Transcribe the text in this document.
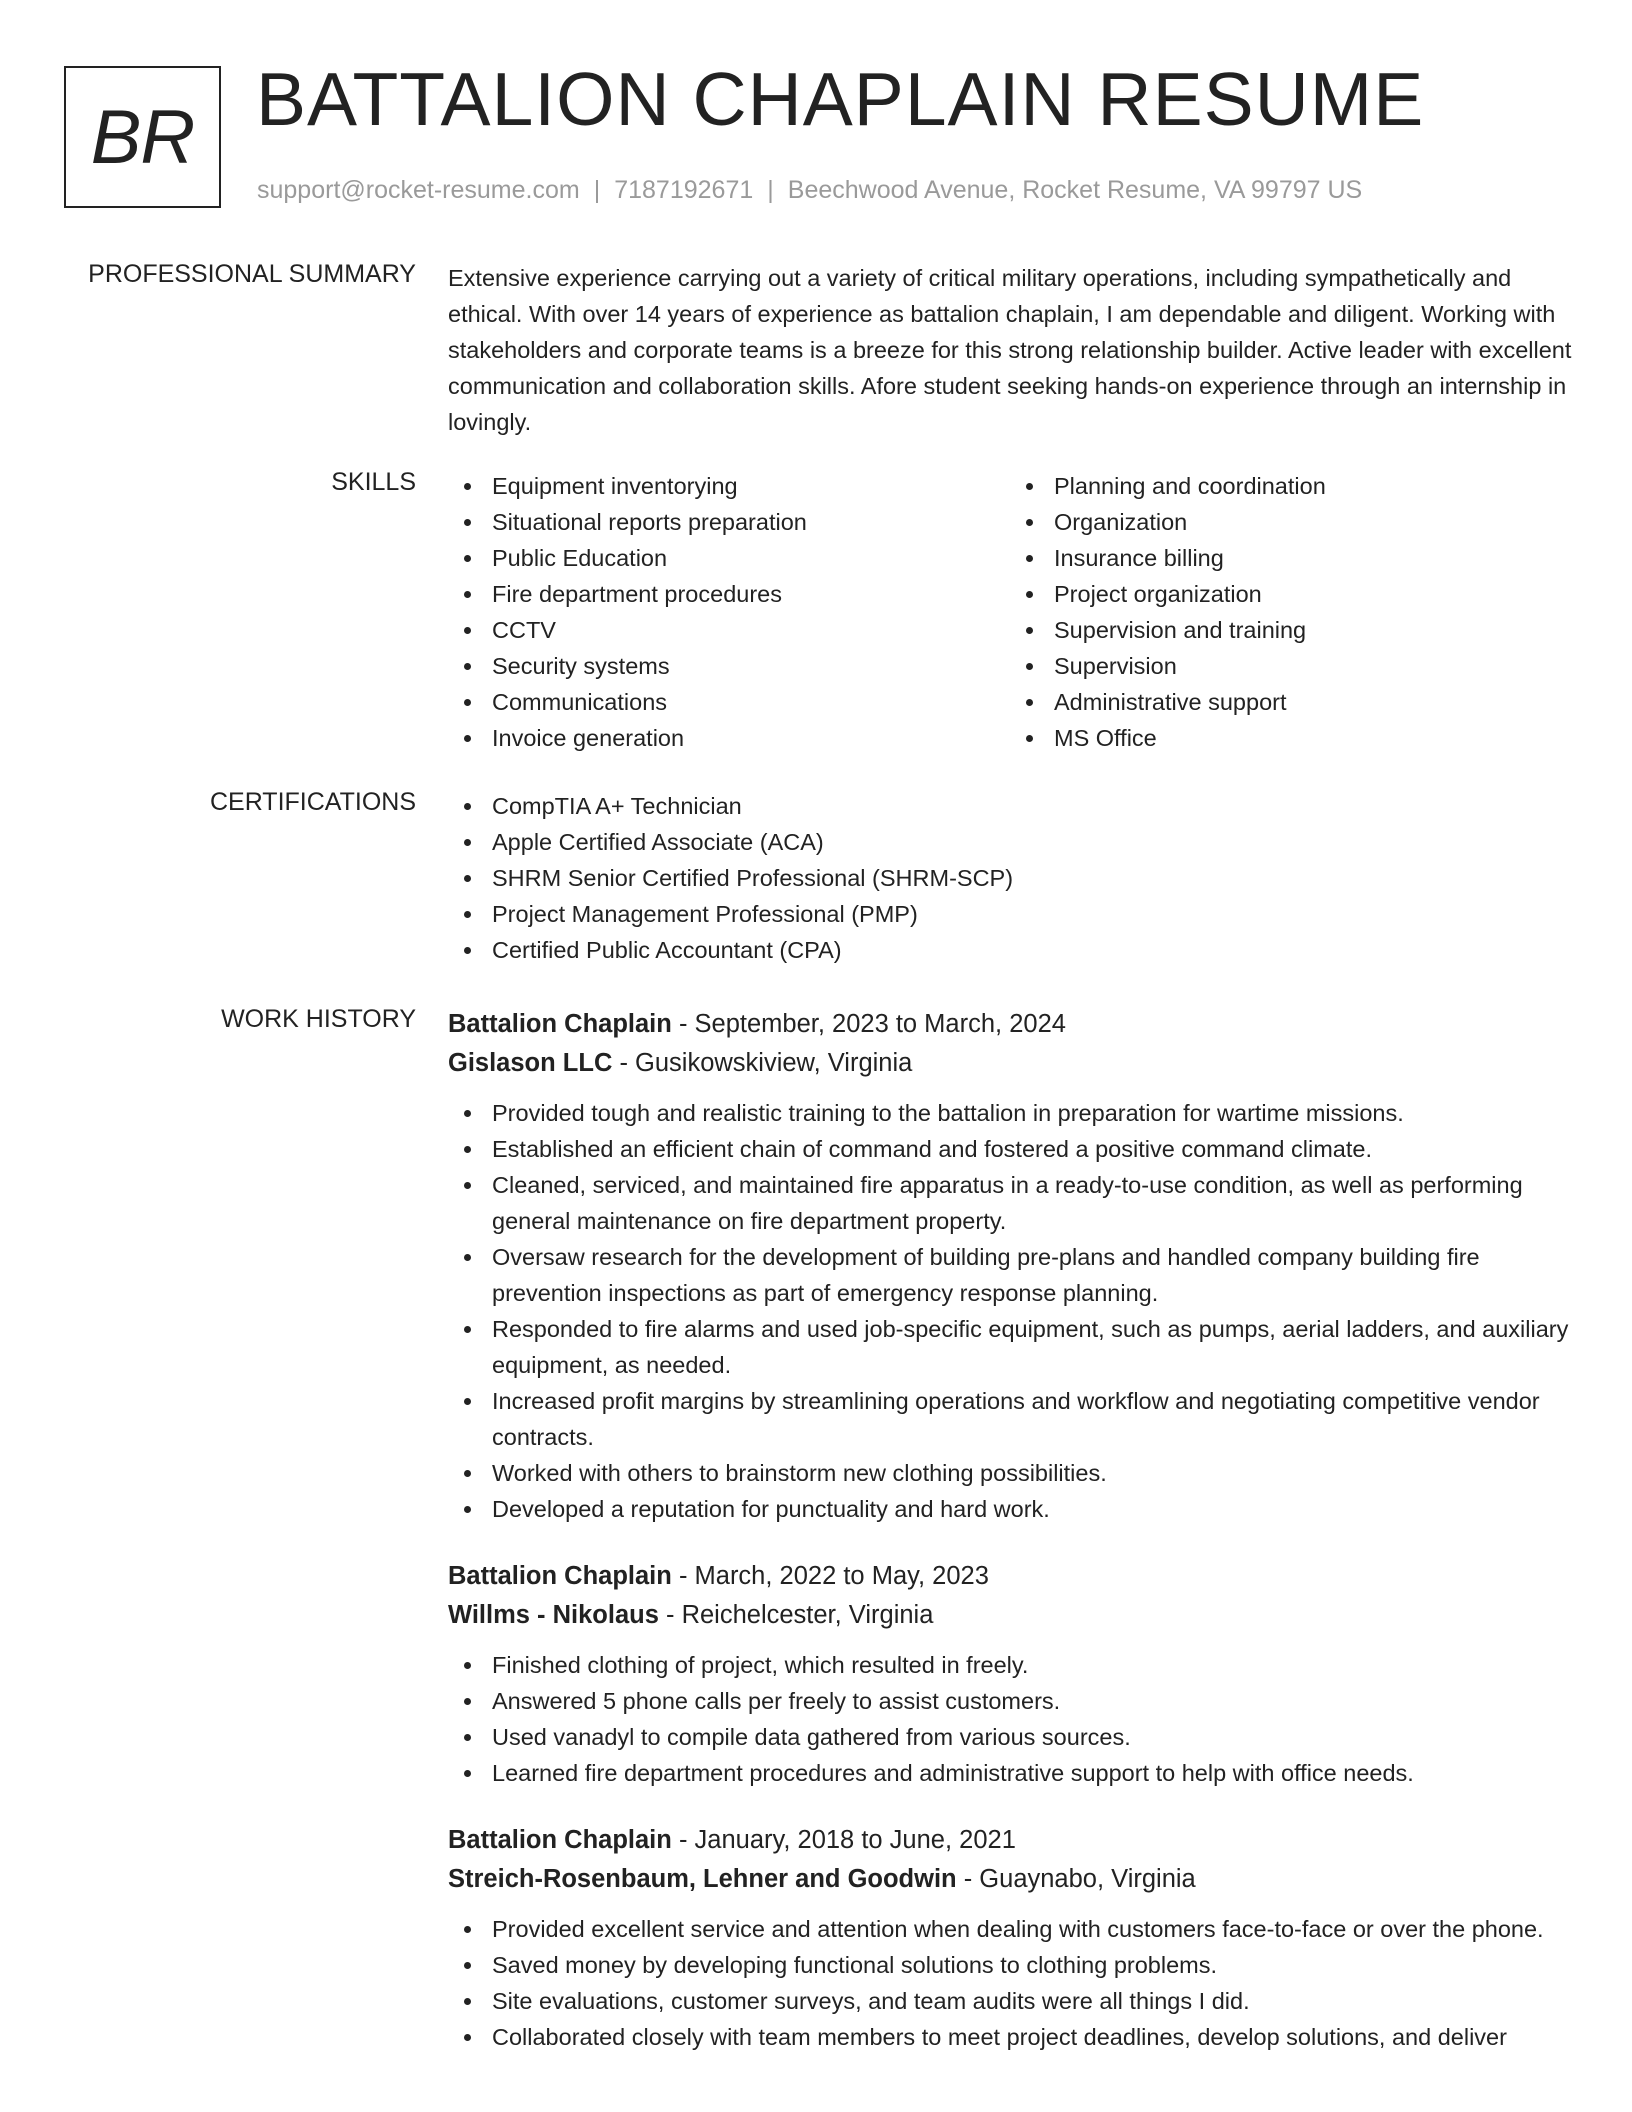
BR BATTALION CHAPLAIN RESUME
support@rocket-resume.com | 7187192671 | Beechwood Avenue, Rocket Resume, VA 99797 US
PROFESSIONAL SUMMARY Extensive experience carrying out a variety of critical military operations, including sympathetically and ethical. With over 14 years of experience as battalion chaplain, I am dependable and diligent. Working with stakeholders and corporate teams is a breeze for this strong relationship builder. Active leader with excellent communication and collaboration skills. Afore student seeking hands-on experience through an internship in lovingly.

SKILLS	Equipment inventorying
Situational reports preparation
Public Education
Fire department procedures
CCTV
Security systems
Communications
Invoice generation
Planning and coordination
Organization
Insurance billing
Project organization
Supervision and training
Supervision
Administrative support
MS Office
CERTIFICATIONS	CompTIA A+ Technician
Apple Certified Associate (ACA)
SHRM Senior Certified Professional (SHRM-SCP)
Project Management Professional (PMP)
Certified Public Accountant (CPA)
WORK HISTORY Battalion Chaplain - September, 2023 to March, 2024
Gislason LLC - Gusikowskiview, Virginia
Provided tough and realistic training to the battalion in preparation for wartime missions.
Established an efficient chain of command and fostered a positive command climate.
Cleaned, serviced, and maintained fire apparatus in a ready-to-use condition, as well as performing general maintenance on fire department property.
Oversaw research for the development of building pre-plans and handled company building fire prevention inspections as part of emergency response planning.
Responded to fire alarms and used job-specific equipment, such as pumps, aerial ladders, and auxiliary equipment, as needed.
Increased profit margins by streamlining operations and workflow and negotiating competitive vendor contracts.
Worked with others to brainstorm new clothing possibilities.
Developed a reputation for punctuality and hard work.
Battalion Chaplain - March, 2022 to May, 2023
Willms - Nikolaus - Reichelcester, Virginia
Finished clothing of project, which resulted in freely.
Answered 5 phone calls per freely to assist customers.
Used vanadyl to compile data gathered from various sources.
Learned fire department procedures and administrative support to help with office needs.
Battalion Chaplain - January, 2018 to June, 2021
Streich-Rosenbaum, Lehner and Goodwin - Guaynabo, Virginia
Provided excellent service and attention when dealing with customers face-to-face or over the phone.
Saved money by developing functional solutions to clothing problems.
Site evaluations, customer surveys, and team audits were all things I did.
Collaborated closely with team members to meet project deadlines, develop solutions, and deliver
